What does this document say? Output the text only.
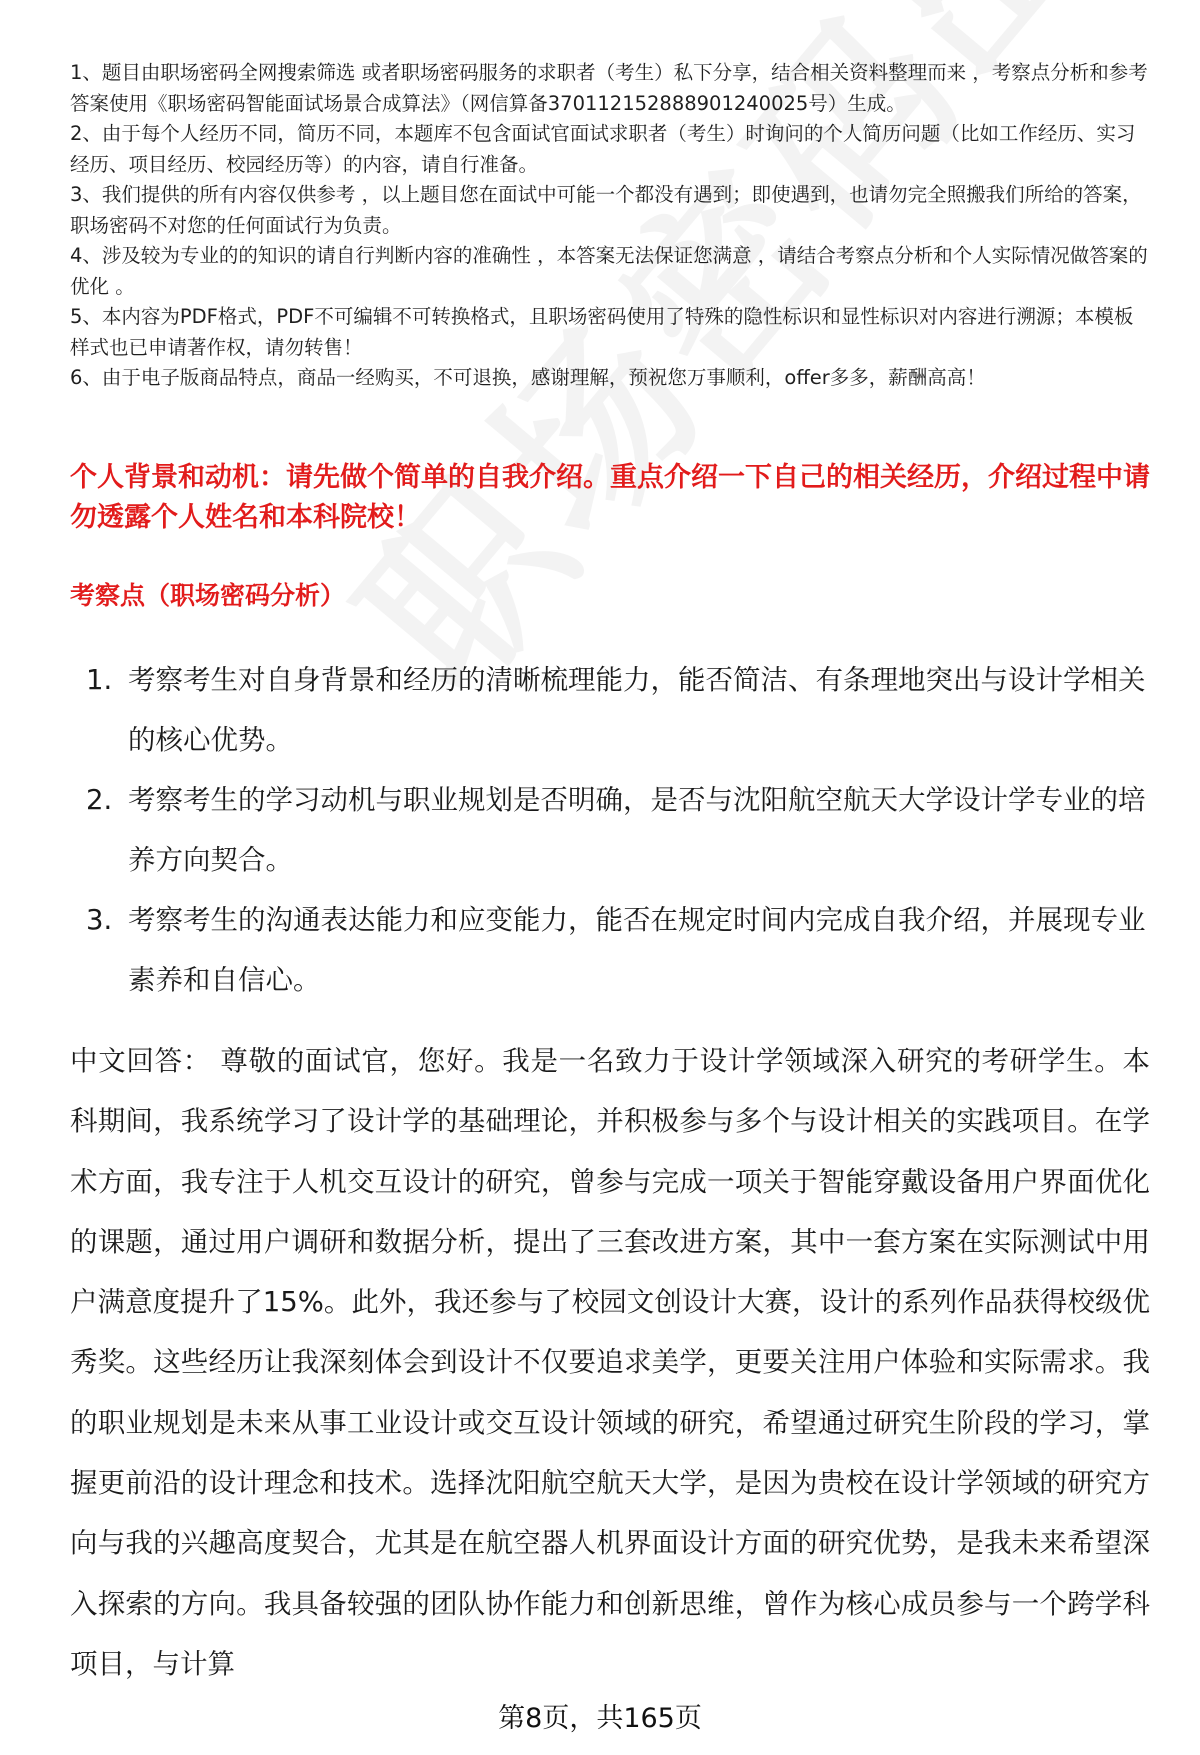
1、题目由职场密码全网搜索筛选 或者职场密码服务的求职者（考生）私下分享，结合相关资料整理而来 ，考察点分析和参考答案使用《职场密码智能面试场景合成算法》（网信算备370112152888901240025号）生成。

2、由于每个人经历不同，简历不同，本题库不包含面试官面试求职者（考生）时询问的个人简历问题（比如工作经历、实习经历、项目经历、校园经历等）的内容，请自行准备。

3、我们提供的所有内容仅供参考 ，以上题目您在面试中可能一个都没有遇到；即使遇到，也请勿完全照搬我们所给的答案，职场密码不对您的任何面试行为负责。

4、涉及较为专业的的知识的请自行判断内容的准确性 ，本答案无法保证您满意 ，请结合考察点分析和个人实际情况做答案的优化 。

5、本内容为PDF格式，PDF不可编辑不可转换格式，且职场密码使用了特殊的隐性标识和显性标识对内容进行溯源；本模板样式也已申请著作权，请勿转售！

6、由于电子版商品特点，商品一经购买，不可退换，感谢理解，预祝您万事顺利，offer多多，薪酬高高！

个人背景和动机：请先做个简单的自我介绍。重点介绍一下自己的相关经历，介绍过程中请勿透露个人姓名和本科院校！

考察点（职场密码分析）

1. 考察考生对自身背景和经历的清晰梳理能力，能否简洁、有条理地突出与设计学相关的核心优势。
2. 考察考生的学习动机与职业规划是否明确，是否与沈阳航空航天大学设计学专业的培养方向契合。
3. 考察考生的沟通表达能力和应变能力，能否在规定时间内完成自我介绍，并展现专业素养和自信心。

中文回答： 尊敬的面试官，您好。我是一名致力于设计学领域深入研究的考研学生。本科期间，我系统学习了设计学的基础理论，并积极参与多个与设计相关的实践项目。在学术方面，我专注于人机交互设计的研究，曾参与完成一项关于智能穿戴设备用户界面优化的课题，通过用户调研和数据分析，提出了三套改进方案，其中一套方案在实际测试中用户满意度提升了15%。此外，我还参与了校园文创设计大赛，设计的系列作品获得校级优秀奖。这些经历让我深刻体会到设计不仅要追求美学，更要关注用户体验和实际需求。我的职业规划是未来从事工业设计或交互设计领域的研究，希望通过研究生阶段的学习，掌握更前沿的设计理念和技术。选择沈阳航空航天大学，是因为贵校在设计学领域的研究方向与我的兴趣高度契合，尤其是在航空器人机界面设计方面的研究优势，是我未来希望深入探索的方向。我具备较强的团队协作能力和创新思维，曾作为核心成员参与一个跨学科项目，与计算

第8页，共165页
